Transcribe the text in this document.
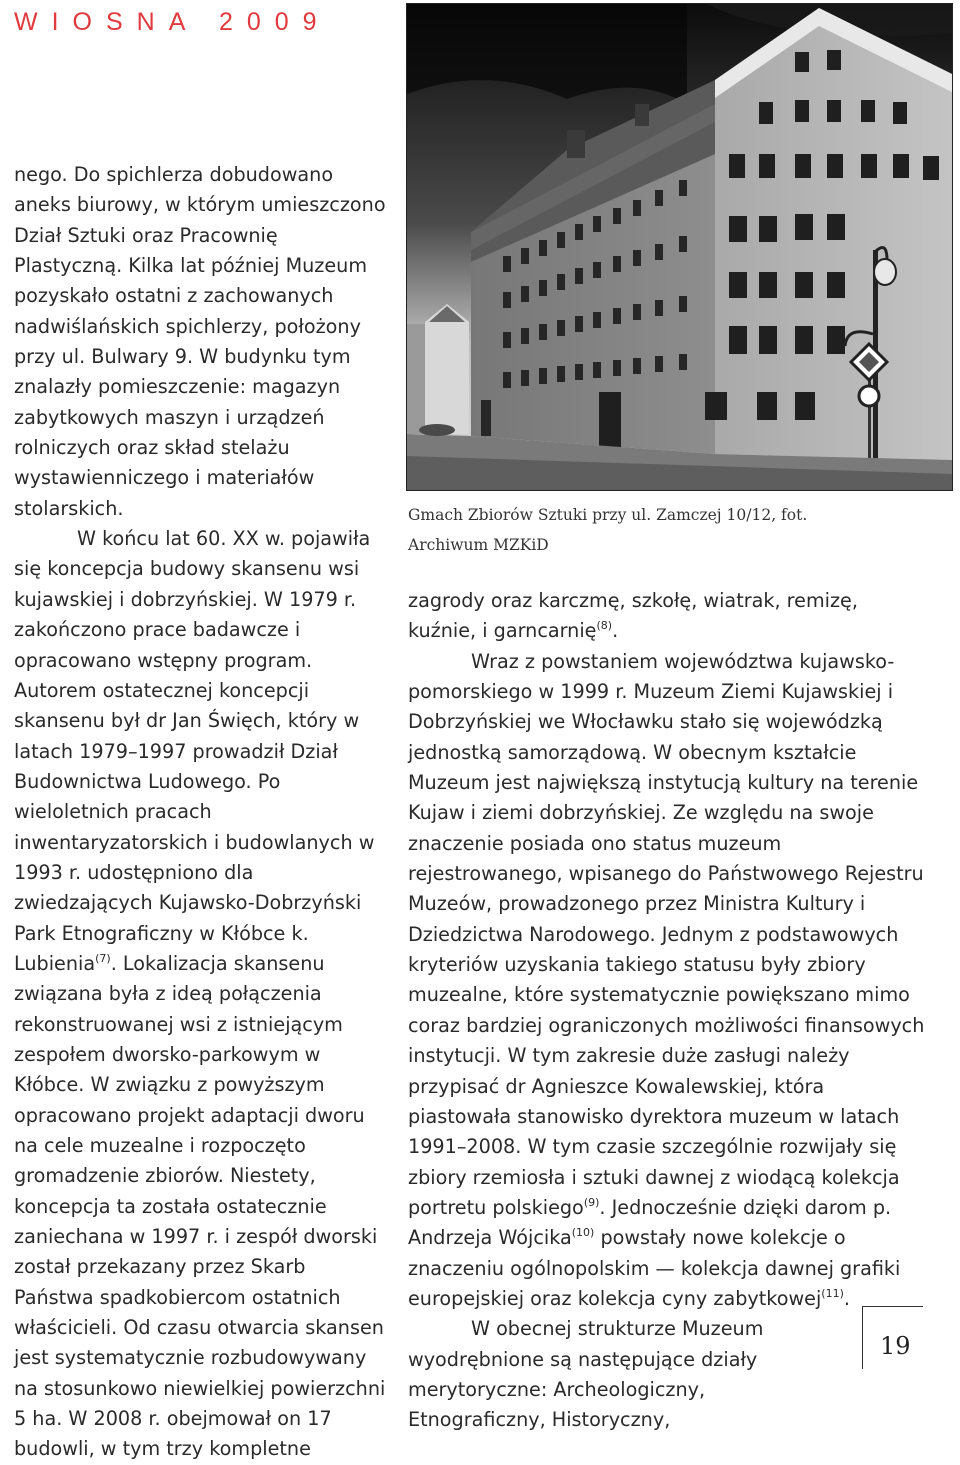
WIOSNA 2009

nego. Do spichlerza dobudowano aneks biurowy, w którym umieszczono Dział Sztuki oraz Pracownię Plastyczną. Kilka lat później Muzeum pozyskało ostatni z zachowanych nadwiślańskich spichlerzy, położony przy ul. Bulwary 9. W budynku tym znalazły pomieszczenie: magazyn zabytkowych maszyn i urządzeń rolniczych oraz skład stelażu wystawienniczego i materiałów stolarskich.

W końcu lat 60. XX w. pojawiła się koncepcja budowy skansenu wsi kujawskiej i dobrzyńskiej. W 1979 r. zakończono prace badawcze i opracowano wstępny program. Autorem ostatecznej koncepcji skansenu był dr Jan Święch, który w latach 1979–1997 prowadził Dział Budownictwa Ludowego. Po wieloletnich pracach inwentaryzatorskich i budowlanych w 1993 r. udostępniono dla zwiedzających Kujawsko-Dobrzyński Park Etnograficzny w Kłóbce k. Lubienia$^{(7)}$. Lokalizacja skansenu związana była z ideą połączenia rekonstruowanej wsi z istniejącym zespołem dworsko-parkowym w Kłóbce. W związku z powyższym opracowano projekt adaptacji dworu na cele muzealne i rozpoczęto gromadzenie zbiorów. Niestety, koncepcja ta została ostatecznie zaniechana w 1997 r. i zespół dworski został przekazany przez Skarb Państwa spadkobiercom ostatnich właścicieli. Od czasu otwarcia skansen jest systematycznie rozbudowywany na stosunkowo niewielkiej powierzchni 5 ha. W 2008 r. obejmował on 17 budowli, w tym trzy kompletne

Gmach Zbiorów Sztuki przy ul. Zamczej 10/12, fot.

Archiwum MZKiD

zagrody oraz karczmę, szkołę, wiatrak, remizę, kuźnie, i garncarnię$^{(8)}$.

Wraz z powstaniem województwa kujawsko-pomorskiego w 1999 r. Muzeum Ziemi Kujawskiej i Dobrzyńskiej we Włocławku stało się wojewódzką jednostką samorządową. W obecnym kształcie Muzeum jest największą instytucją kultury na terenie Kujaw i ziemi dobrzyńskiej. Ze względu na swoje znaczenie posiada ono status muzeum rejestrowanego, wpisanego do Państwowego Rejestru Muzeów, prowadzonego przez Ministra Kultury i Dziedzictwa Narodowego. Jednym z podstawowych kryteriów uzyskania takiego statusu były zbiory muzealne, które systematycznie powiększano mimo coraz bardziej ograniczonych możliwości finansowych instytucji. W tym zakresie duże zasługi należy przypisać dr Agnieszce Kowalewskiej, która piastowała stanowisko dyrektora muzeum w latach 1991–2008. W tym czasie szczególnie rozwijały się zbiory rzemiosła i sztuki dawnej z wiodącą kolekcja portretu polskiego$^{(9)}$. Jednocześnie dzięki darom p. Andrzeja Wójcika$^{(10)}$ powstały nowe kolekcje o znaczeniu ogólnopolskim — kolekcja dawnej grafiki europejskiej oraz kolekcja cyny zabytkowej$^{(11)}$.

W obecnej strukturze Muzeum wyodrębnione są następujące działy merytoryczne: Archeologiczny, Etnograficzny, Historyczny,

19
